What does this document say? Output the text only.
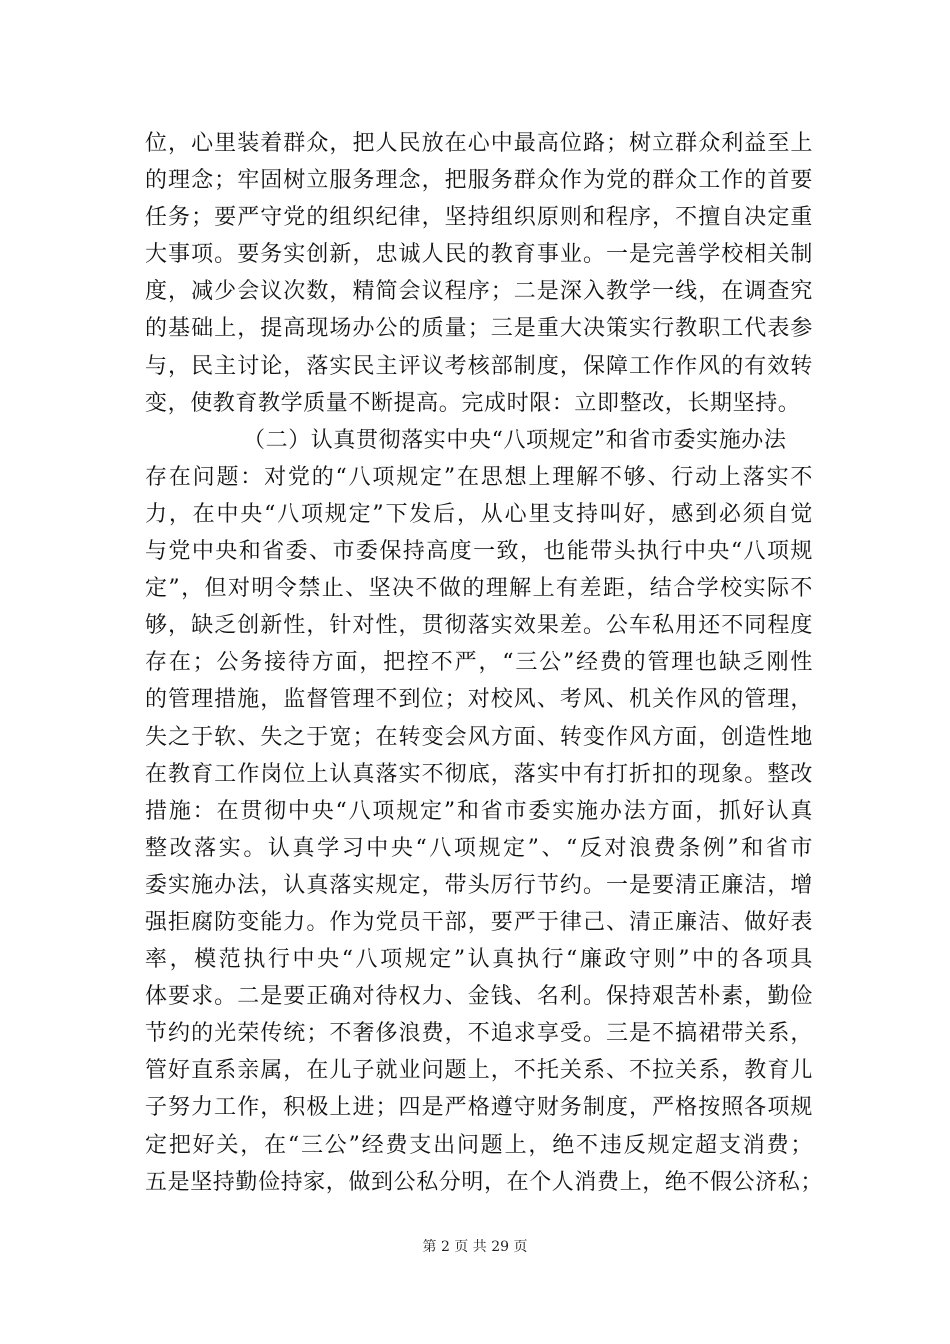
位，心里装着群众，把人民放在心中最高位路；树立群众利益至上
的理念；牢固树立服务理念，把服务群众作为党的群众工作的首要
任务；要严守党的组织纪律，坚持组织原则和程序，不擅自决定重
大事项。要务实创新，忠诚人民的教育事业。一是完善学校相关制
度，减少会议次数，精简会议程序；二是深入教学一线，在调查究
的基础上，提高现场办公的质量；三是重大决策实行教职工代表参
与，民主讨论，落实民主评议考核部制度，保障工作作风的有效转
变，使教育教学质量不断提高。完成时限：立即整改，长期坚持。
（二）认真贯彻落实中央“八项规定”和省市委实施办法
存在问题：对党的“八项规定”在思想上理解不够、行动上落实不
力，在中央“八项规定”下发后，从心里支持叫好，感到必须自觉
与党中央和省委、市委保持高度一致，也能带头执行中央“八项规
定”，但对明令禁止、坚决不做的理解上有差距，结合学校实际不
够，缺乏创新性，针对性，贯彻落实效果差。公车私用还不同程度
存在；公务接待方面，把控不严，“三公”经费的管理也缺乏刚性
的管理措施，监督管理不到位；对校风、考风、机关作风的管理，
失之于软、失之于宽；在转变会风方面、转变作风方面，创造性地
在教育工作岗位上认真落实不彻底，落实中有打折扣的现象。整改
措施：在贯彻中央“八项规定”和省市委实施办法方面，抓好认真
整改落实。认真学习中央“八项规定”、“反对浪费条例”和省市
委实施办法，认真落实规定，带头厉行节约。一是要清正廉洁，增
强拒腐防变能力。作为党员干部，要严于律己、清正廉洁、做好表
率，模范执行中央“八项规定”认真执行“廉政守则”中的各项具
体要求。二是要正确对待权力、金钱、名利。保持艰苦朴素，勤俭
节约的光荣传统；不奢侈浪费，不追求享受。三是不搞裙带关系，
管好直系亲属，在儿子就业问题上，不托关系、不拉关系，教育儿
子努力工作，积极上进；四是严格遵守财务制度，严格按照各项规
定把好关，在“三公”经费支出问题上，绝不违反规定超支消费；
五是坚持勤俭持家，做到公私分明，在个人消费上，绝不假公济私；
第 2 页 共 29 页
